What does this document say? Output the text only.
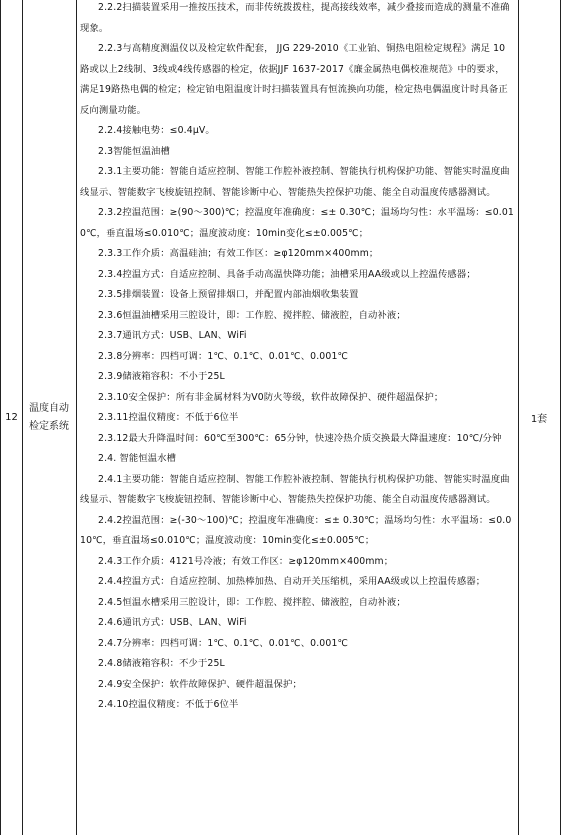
12
温度自动检定系统
1套

2.2.2扫描装置采用一推按压技术，而非传统拨拨柱，提高接线效率，减少叠接而造成的测量不准确现象。

2.2.3与高精度测温仪以及检定软件配套， JJG 229-2010《工业铂、铜热电阻检定规程》满足 10路或以上2线制、3线或4线传感器的检定，依据JJF 1637-2017《廉金属热电偶校准规范》中的要求，满足19路热电偶的检定；检定铂电阻温度计时扫描装置具有恒流换向功能，检定热电偶温度计时具备正反向测量功能。

2.2.4接触电势：≤0.4μV。

2.3智能恒温油槽

2.3.1主要功能：智能自适应控制、智能工作腔补液控制、智能执行机构保护功能、智能实时温度曲线显示、智能数字飞梭旋钮控制、智能诊断中心、智能热失控保护功能、能全自动温度传感器测试。

2.3.2控温范围：≥(90～300)℃；控温度年准确度：≤± 0.30℃；温场均匀性：水平温场：≤0.010℃，垂直温场≤0.010℃；温度波动度：10min变化≤±0.005℃；

2.3.3工作介质：高温硅油；有效工作区：≥φ120mm×400mm；

2.3.4控温方式：自适应控制、具备手动高温快降功能；油槽采用AA级或以上控温传感器；

2.3.5排烟装置：设备上预留排烟口，并配置内部油烟收集装置

2.3.6恒温油槽采用三腔设计，即：工作腔、搅拌腔、储液腔，自动补液；

2.3.7通讯方式：USB、LAN、WiFi

2.3.8分辨率：四档可调：1℃、0.1℃、0.01℃、0.001℃

2.3.9储液箱容积：不小于25L

2.3.10安全保护：所有非金属材料为V0防火等级，软件故障保护、硬件超温保护；

2.3.11控温仪精度：不低于6位半

2.3.12最大升降温时间：60℃至300℃：65分钟，快速冷热介质交换最大降温速度：10℃/分钟

2.4. 智能恒温水槽

2.4.1主要功能：智能自适应控制、智能工作腔补液控制、智能执行机构保护功能、智能实时温度曲线显示、智能数字飞梭旋钮控制、智能诊断中心、智能热失控保护功能、能全自动温度传感器测试。

2.4.2控温范围：≥(-30～100)℃；控温度年准确度：≤± 0.30℃；温场均匀性：水平温场：≤0.010℃，垂直温场≤0.010℃；温度波动度：10min变化≤±0.005℃；

2.4.3工作介质：4121号冷液；有效工作区：≥φ120mm×400mm；

2.4.4控温方式：自适应控制、加热棒加热、自动开关压缩机，采用AA级或以上控温传感器；

2.4.5恒温水槽采用三腔设计，即：工作腔、搅拌腔、储液腔，自动补液；

2.4.6通讯方式：USB、LAN、WiFi

2.4.7分辨率：四档可调：1℃、0.1℃、0.01℃、0.001℃

2.4.8储液箱容积：不少于25L

2.4.9安全保护：软件故障保护、硬件超温保护；

2.4.10控温仪精度：不低于6位半
